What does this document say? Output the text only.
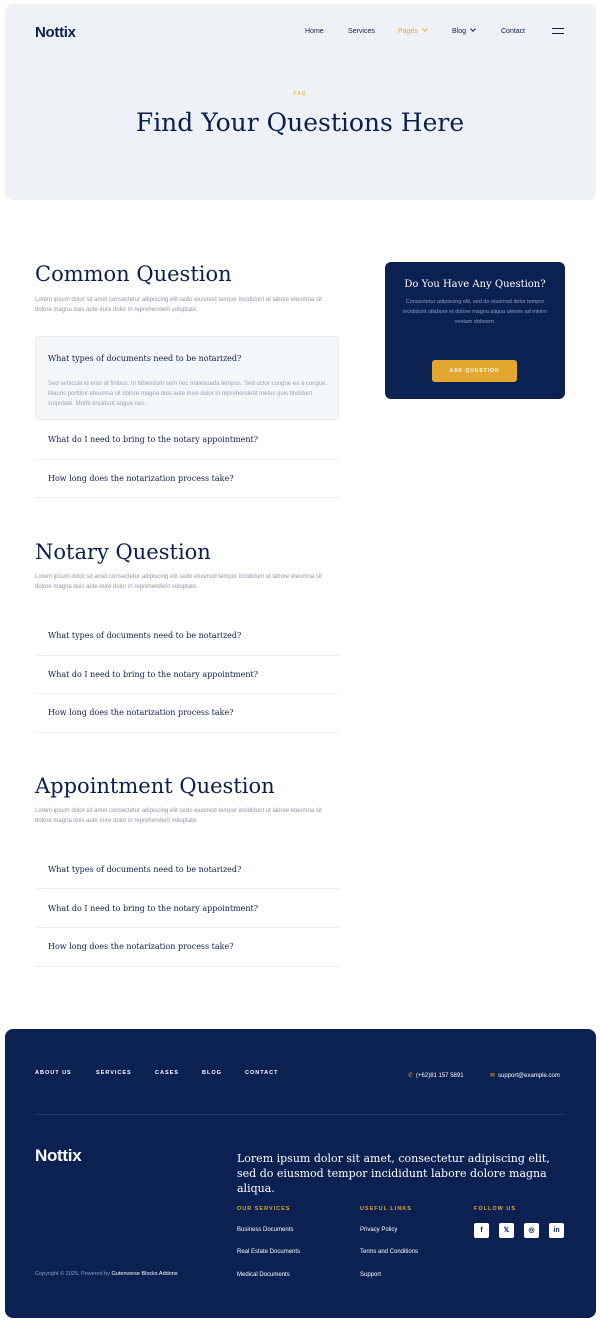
Nottix	Home	Services	Pages	Blog	Contact
FAQ
Find Your Questions Here
Common Question
Lorem ipsum dolor sit amet consectetur adipiscing elit sedo eiusmod tempor incididunt ut labore eteumna sit dolore magna duis aute irure dolor in reprehenderit voluptate.
What types of documents need to be notarized?
Sed vehicula id eros at finibus. In bibendum sem nec malesuada tempus. Sed uctor congue ex a congue. Mauris porttitor eteumna sit dolore magna duis aute irure dolor in reprehenderit metus quis tincidunt vulputate. Morbi tincidunt augue nec.
What do I need to bring to the notary appointment?
How long does the notarization process take?
Notary Question
Lorem ipsum dolor sit amet consectetur adipiscing elit sedo eiusmod tempor incididunt ut labore eteumna sit dolore magna duis aute irure dolor in reprehenderit voluptate.
What types of documents need to be notarized?
What do I need to bring to the notary appointment?
How long does the notarization process take?
Appointment Question
Lorem ipsum dolor sit amet consectetur adipiscing elit sedo eiusmod tempor incididunt ut labore eteumna sit dolore magna duis aute irure dolor in reprehenderit voluptate.
What types of documents need to be notarized?
What do I need to bring to the notary appointment?
How long does the notarization process take?
Do You Have Any Question?
Consectetur adipiscing elit, sed do eiusmod dolor tempor incididunt utlabore et dolore magna aliqua utenim ad minim veniam dolorem.
ASK QUESTION
ABOUT US	SERVICES	CASES	BLOG	CONTACT	✆ (+62)81 157 5891	✉ support@example.com
Nottix	Lorem ipsum dolor sit amet, consectetur adipiscing elit, sed do eiusmod tempor incididunt labore dolore magna aliqua.
OUR SERVICES
Business Documents
Real Estate Documents
Medical Documents
USEFUL LINKS
Privacy Policy
Terms and Conditions
Support
FOLLOW US
f	𝕏	◎	in
Copyright © 2025, Powered by Gutenverse Blocks Addons
